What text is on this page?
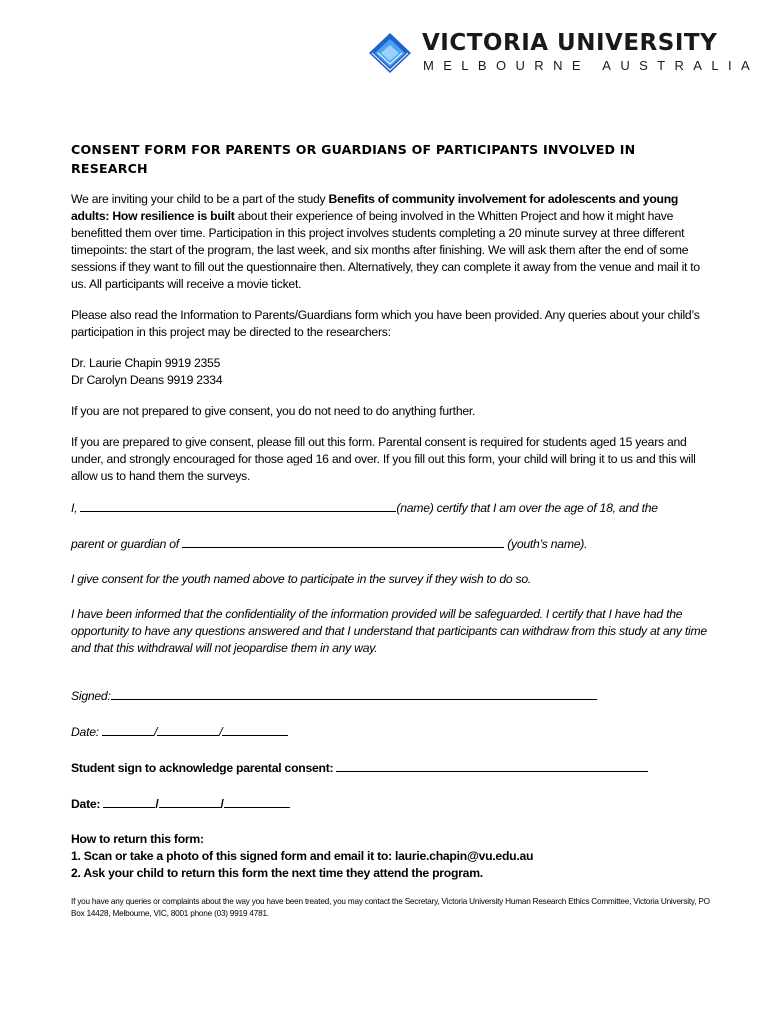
VICTORIA UNIVERSITY
MELBOURNE AUSTRALIA
CONSENT FORM FOR PARENTS OR GUARDIANS OF PARTICIPANTS INVOLVED IN RESEARCH

We are inviting your child to be a part of the study Benefits of community involvement for adolescents and young adults: How resilience is built about their experience of being involved in the Whitten Project and how it might have benefitted them over time. Participation in this project involves students completing a 20 minute survey at three different timepoints: the start of the program, the last week, and six months after finishing. We will ask them after the end of some sessions if they want to fill out the questionnaire then. Alternatively, they can complete it away from the venue and mail it to us. All participants will receive a movie ticket.

Please also read the Information to Parents/Guardians form which you have been provided. Any queries about your child’s participation in this project may be directed to the researchers:

Dr. Laurie Chapin 9919 2355
Dr Carolyn Deans 9919 2334

If you are not prepared to give consent, you do not need to do anything further.

If you are prepared to give consent, please fill out this form. Parental consent is required for students aged 15 years and under, and strongly encouraged for those aged 16 and over. If you fill out this form, your child will bring it to us and this will allow us to hand them the surveys.

I,	(name) certify that I am over the age of 18, and the
parent or guardian of	(youth’s name).
I give consent for the youth named above to participate in the survey if they wish to do so.

I have been informed that the confidentiality of the information provided will be safeguarded. I certify that I have had the opportunity to have any questions answered and that I understand that participants can withdraw from this study at any time and that this withdrawal will not jeopardise them in any way.

Signed:
Date:	/	/
Student sign to acknowledge parental consent:
Date:	/	/
How to return this form:
1. Scan or take a photo of this signed form and email it to: laurie.chapin@vu.edu.au
2. Ask your child to return this form the next time they attend the program.
If you have any queries or complaints about the way you have been treated, you may contact the Secretary, Victoria University Human Research Ethics Committee, Victoria University, PO Box 14428, Melbourne, VIC, 8001 phone (03) 9919 4781.
